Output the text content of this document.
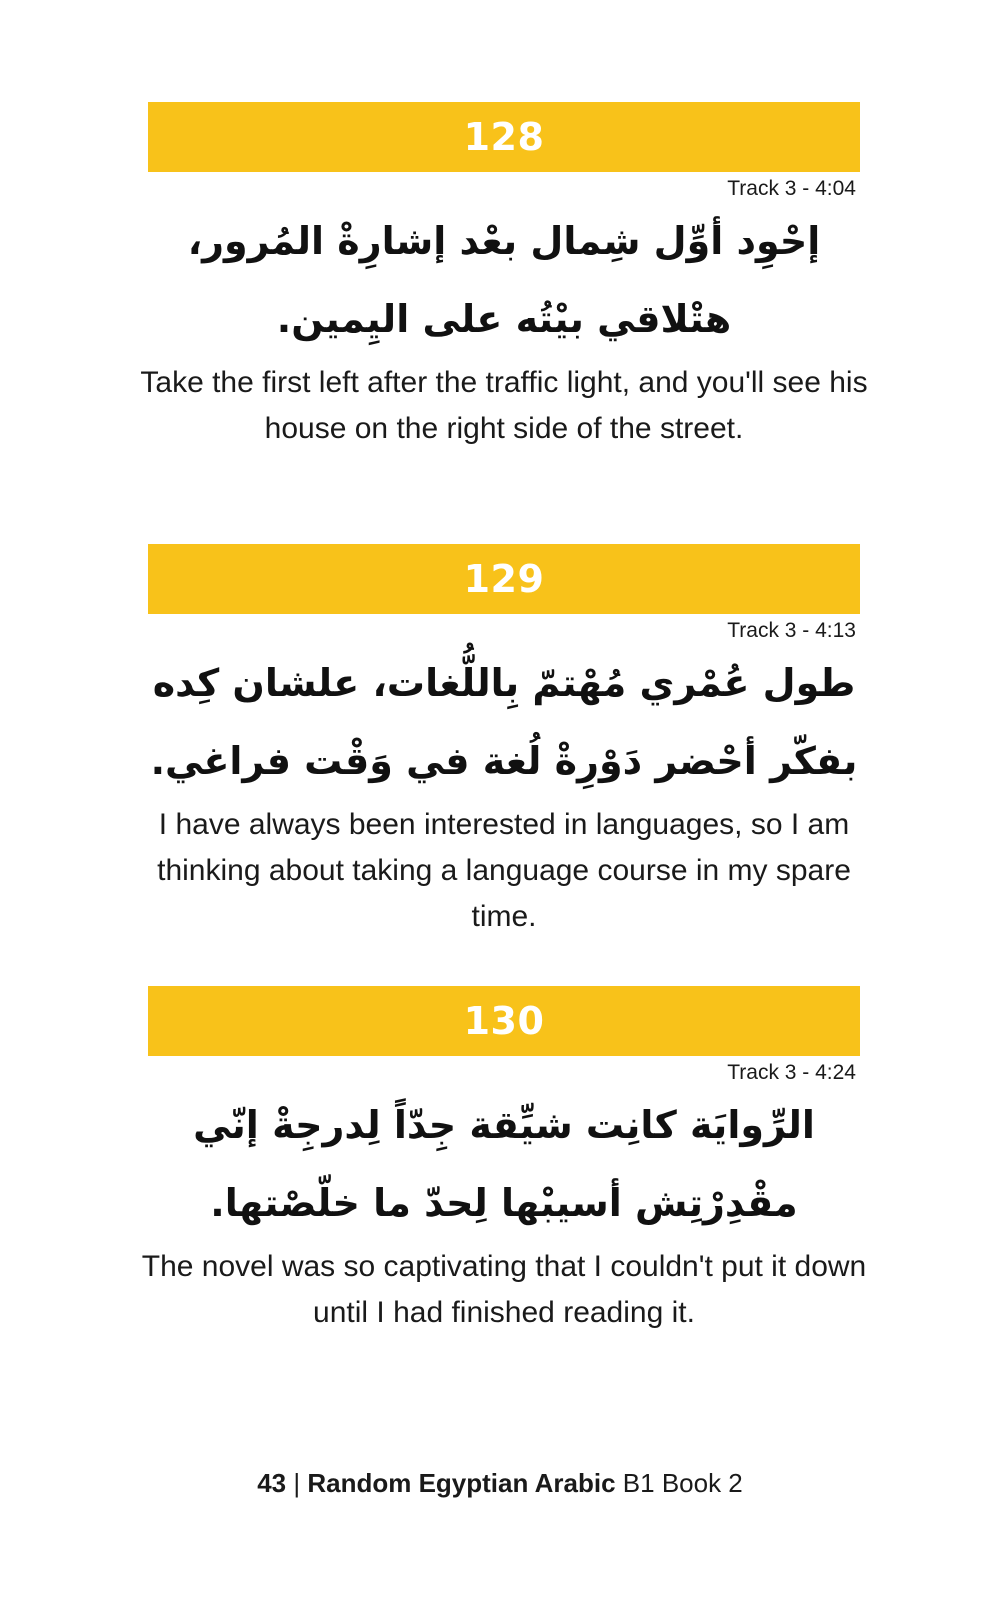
128
Track 3 - 4:04
إحْوِد أوِّل شِمال بعْد إشارِةْ المُرور، هتْلاقي بيْتُه على اليِمين.
Take the first left after the traffic light, and you'll see his house on the right side of the street.
129
Track 3 - 4:13
طول عُمْري مُهْتمّ بِاللُّغات، علشان كِده بفكّر أحْضر دَوْرِةْ لُغة في وَقْت فراغي.
I have always been interested in languages, so I am thinking about taking a language course in my spare time.
130
Track 3 - 4:24
الرِّوايَة كانِت شيِّقة جِدّاً لِدرجِةْ إنّي مقْدِرْتِش أسيبْها لِحدّ ما خلّصْتها.
The novel was so captivating that I couldn't put it down until I had finished reading it.
43 | Random Egyptian Arabic B1 Book 2
